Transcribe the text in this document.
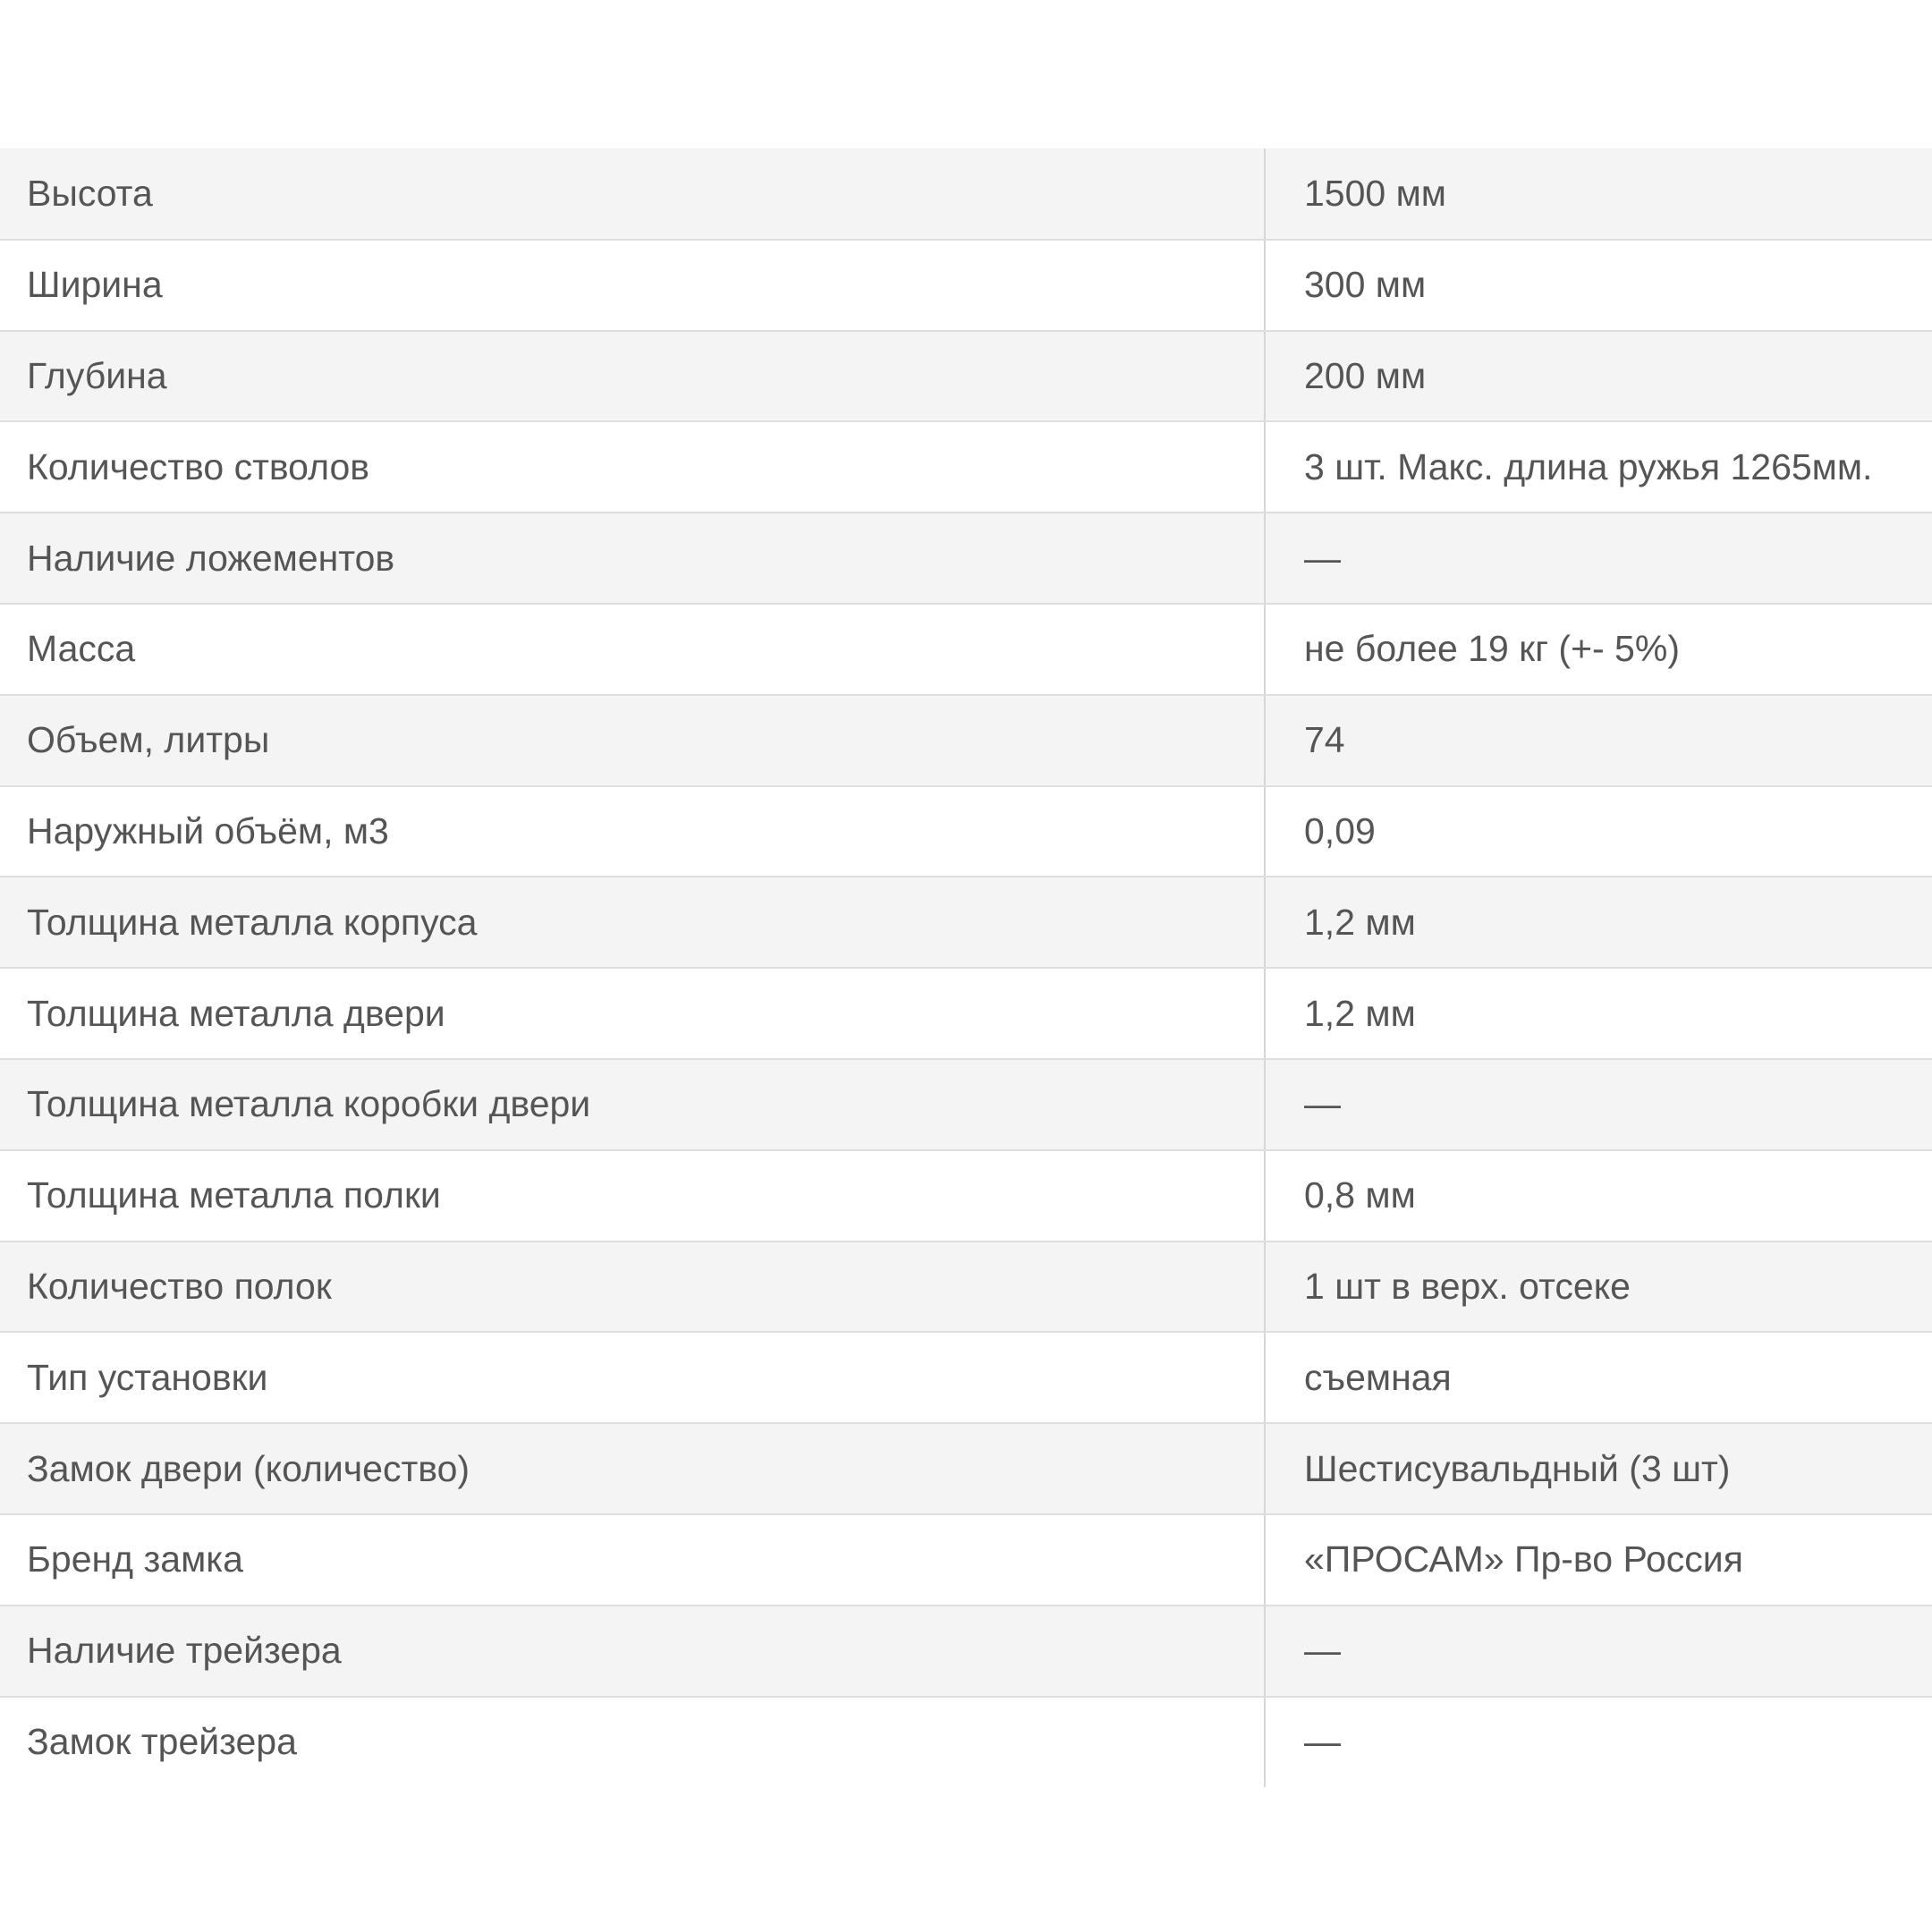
Высота	1500 мм
Ширина	300 мм
Глубина	200 мм
Количество стволов	3 шт. Макс. длина ружья 1265мм.
Наличие ложементов	—
Масса	не более 19 кг (+- 5%)
Объем, литры	74
Наружный объём, м3	0,09
Толщина металла корпуса	1,2 мм
Толщина металла двери	1,2 мм
Толщина металла коробки двери	—
Толщина металла полки	0,8 мм
Количество полок	1 шт в верх. отсеке
Тип установки	съемная
Замок двери (количество)	Шестисувальдный (3 шт)
Бренд замка	«ПРОСАМ» Пр-во Россия
Наличие трейзера	—
Замок трейзера	—
